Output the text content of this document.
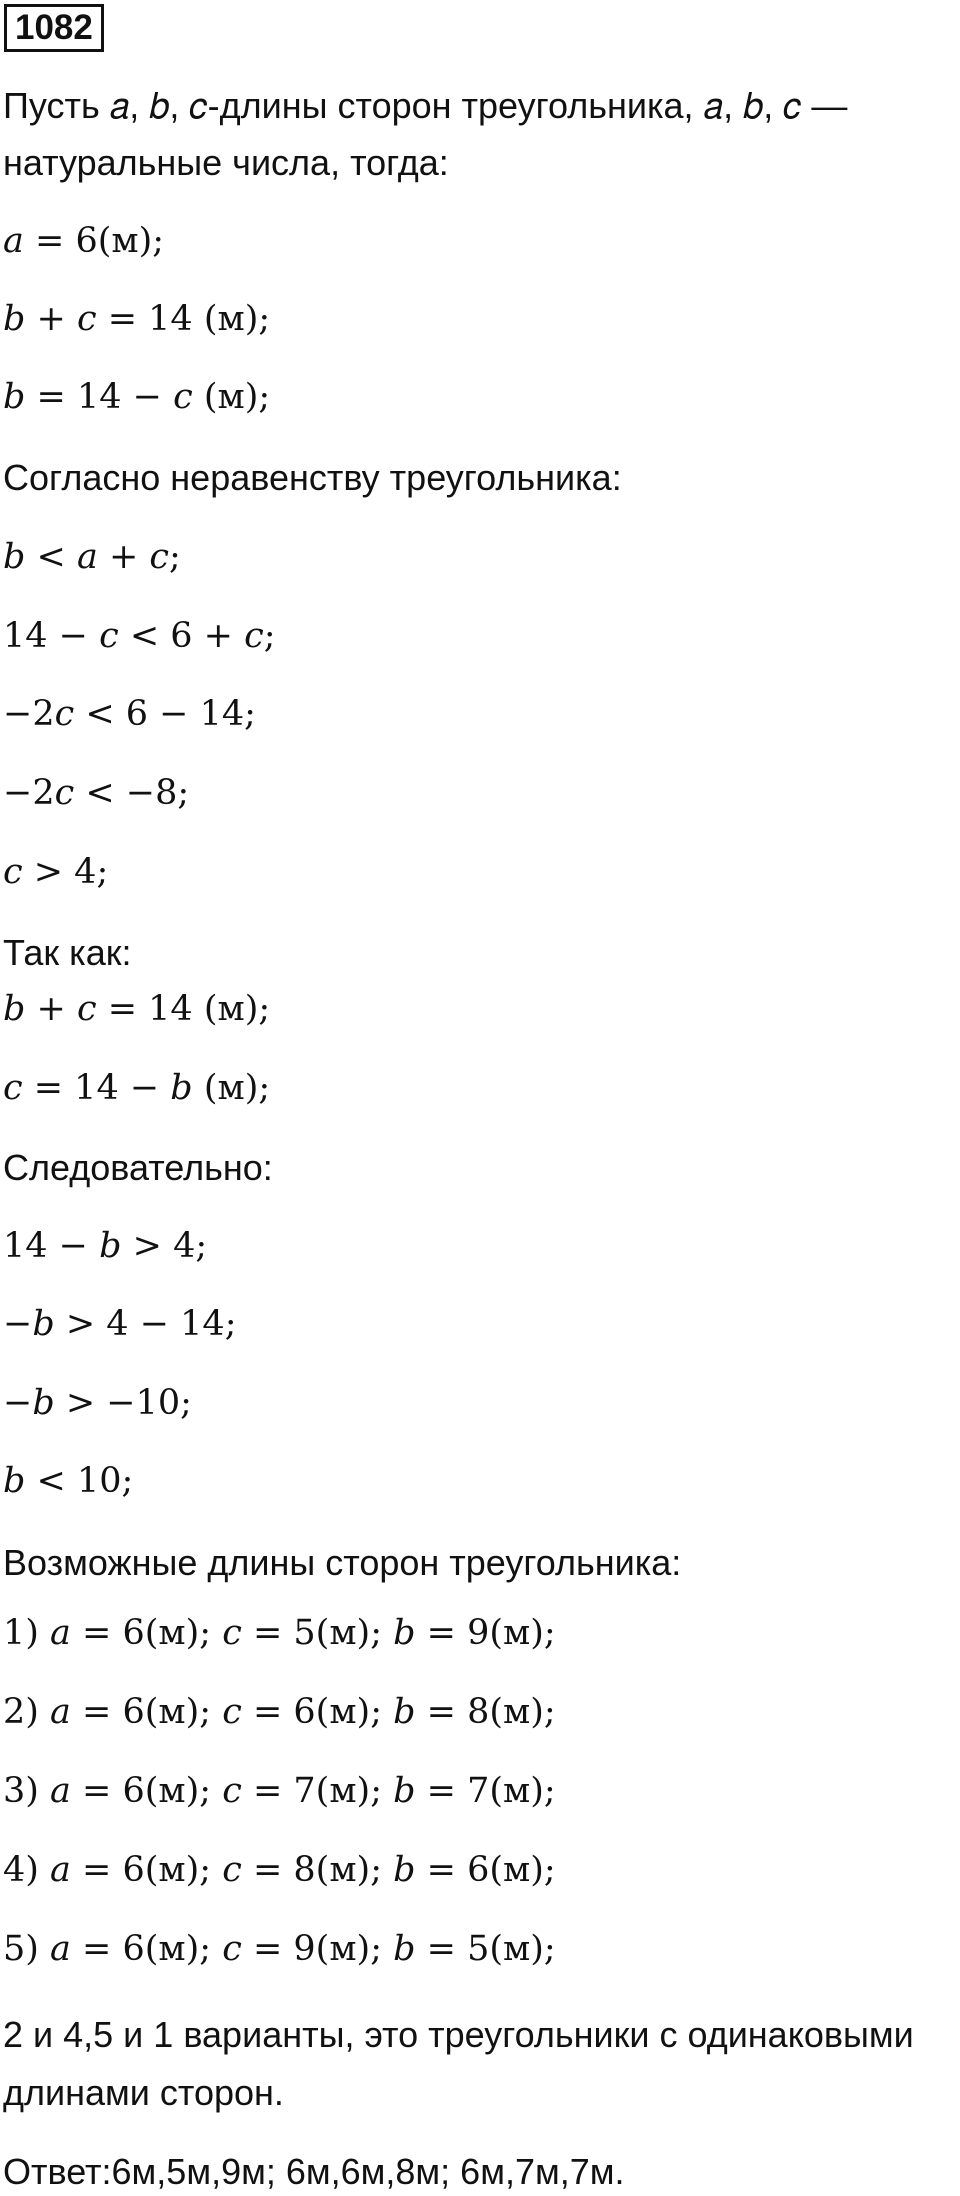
1082
Пусть 𝑎, 𝑏, 𝑐-длины сторон треугольника, 𝑎, 𝑏, 𝑐 —
натуральные числа, тогда:
𝑎 = 6(м);
𝑏 + 𝑐 = 14 (м);
𝑏 = 14 − 𝑐 (м);
Согласно неравенству треугольника:
𝑏 < 𝑎 + 𝑐;
14 − 𝑐 < 6 + 𝑐;
−2𝑐 < 6 − 14;
−2𝑐 < −8;
𝑐 > 4;
Так как:
𝑏 + 𝑐 = 14 (м);
𝑐 = 14 − 𝑏 (м);
Следовательно:
14 − 𝑏 > 4;
−𝑏 > 4 − 14;
−𝑏 > −10;
𝑏 < 10;
Возможные длины сторон треугольника:
1) 𝑎 = 6(м); 𝑐 = 5(м); 𝑏 = 9(м);
2) 𝑎 = 6(м); 𝑐 = 6(м); 𝑏 = 8(м);
3) 𝑎 = 6(м); 𝑐 = 7(м); 𝑏 = 7(м);
4) 𝑎 = 6(м); 𝑐 = 8(м); 𝑏 = 6(м);
5) 𝑎 = 6(м); 𝑐 = 9(м); 𝑏 = 5(м);
2 и 4,5 и 1 варианты, это треугольники с одинаковыми
длинами сторон.
Ответ:6м,5м,9м; 6м,6м,8м; 6м,7м,7м.
